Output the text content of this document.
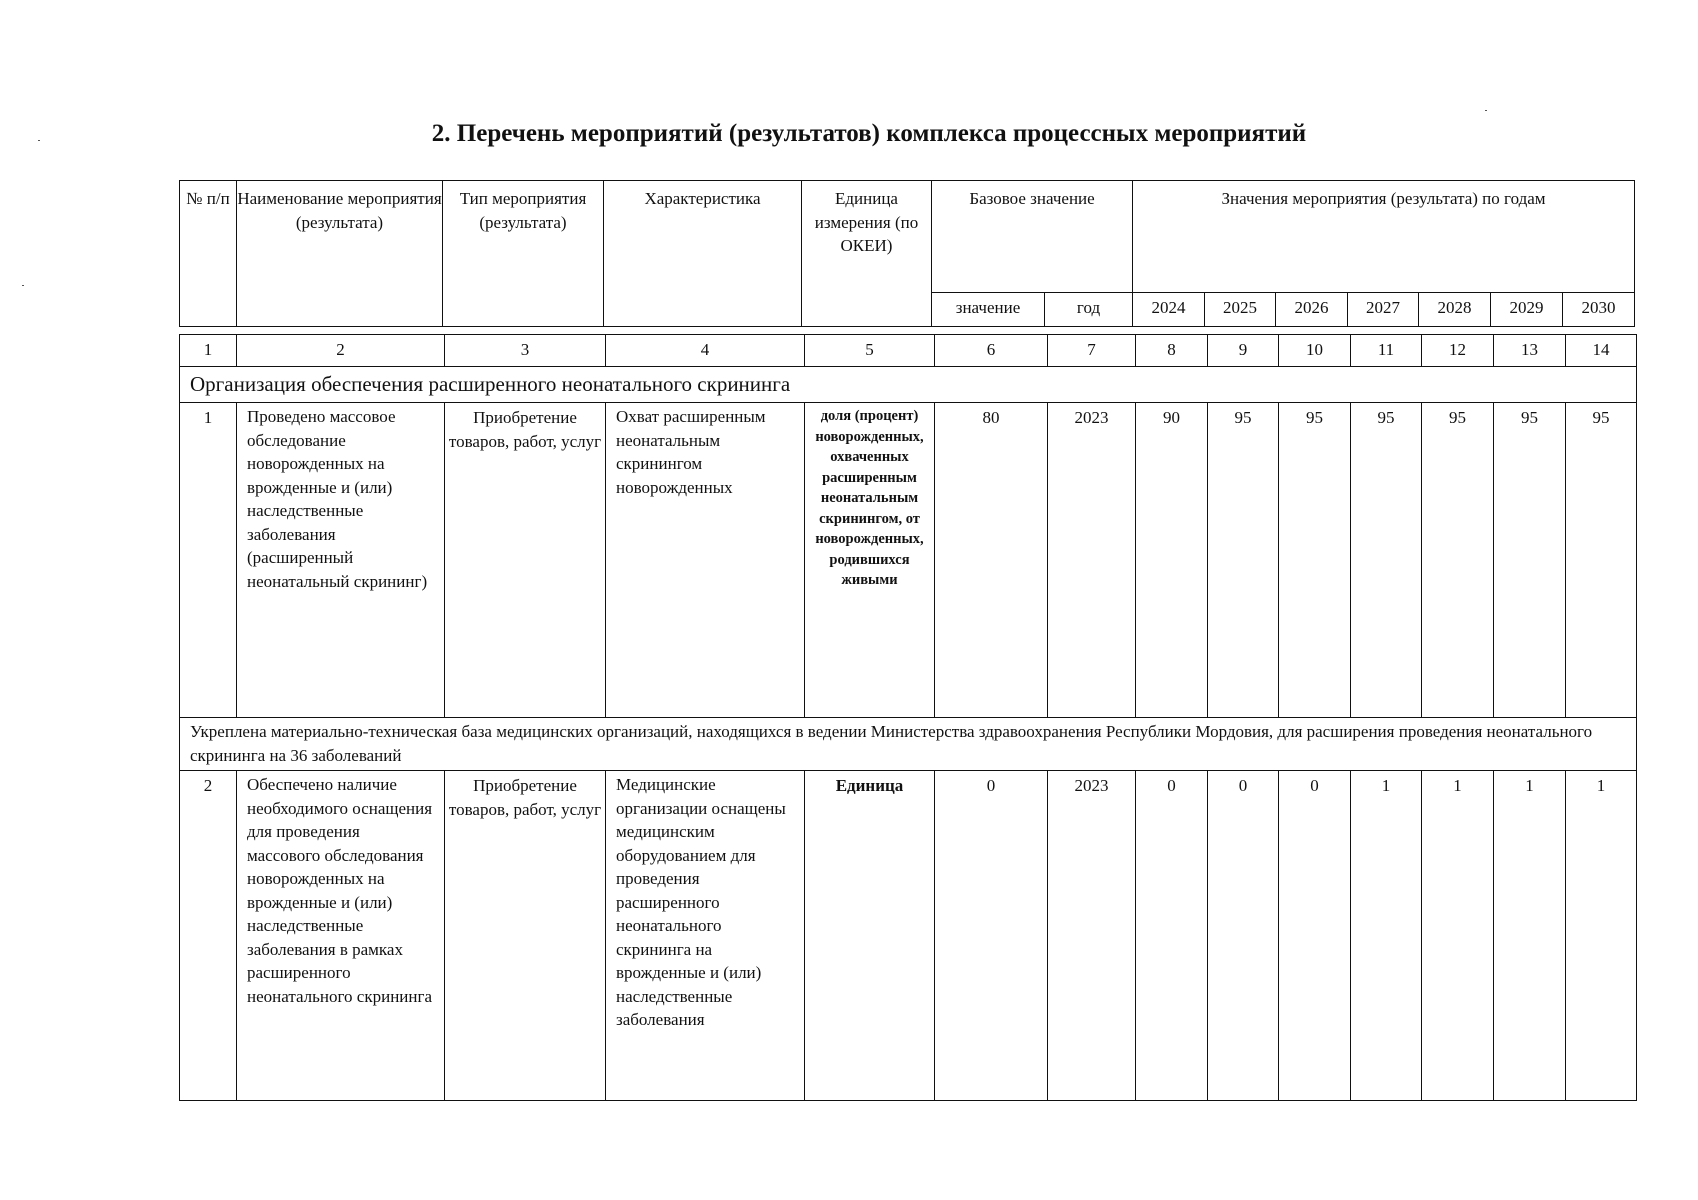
2. Перечень мероприятий (результатов) комплекса процессных мероприятий
№ п/п	Наименование мероприятия (результата)	Тип мероприятия (результата)	Характеристика	Единица измерения (по ОКЕИ)	Базовое значение		Значения мероприятия (результата) по годам						
					значение	год	2024	2025	2026	2027	2028	2029	2030
1	2	3	4	5	6	7	8	9	10	11	12	13	14
Организация обеспечения расширенного неонатального скрининга													
1	Проведено массовое обследование новорожденных на врожденные и (или) наследственные заболевания (расширенный неонатальный скрининг)	Приобретение товаров, работ, услуг	Охват расширенным неонатальным скринингом новорожденных	доля (процент) новорожденных, охваченных расширенным неонатальным скринингом, от новорожденных, родившихся живыми	80	2023	90	95	95	95	95	95	95
Укреплена материально-техническая база медицинских организаций, находящихся в ведении Министерства здравоохранения Республики Мордовия, для расширения проведения неонатального скрининга на 36 заболеваний													
2	Обеспечено наличие необходимого оснащения для проведения массового обследования новорожденных на врожденные и (или) наследственные заболевания в рамках расширенного неонатального скрининга	Приобретение товаров, работ, услуг	Медицинские организации оснащены медицинским оборудованием для проведения расширенного неонатального скрининга на врожденные и (или) наследственные заболевания	Единица	0	2023	0	0	0	1	1	1	1
